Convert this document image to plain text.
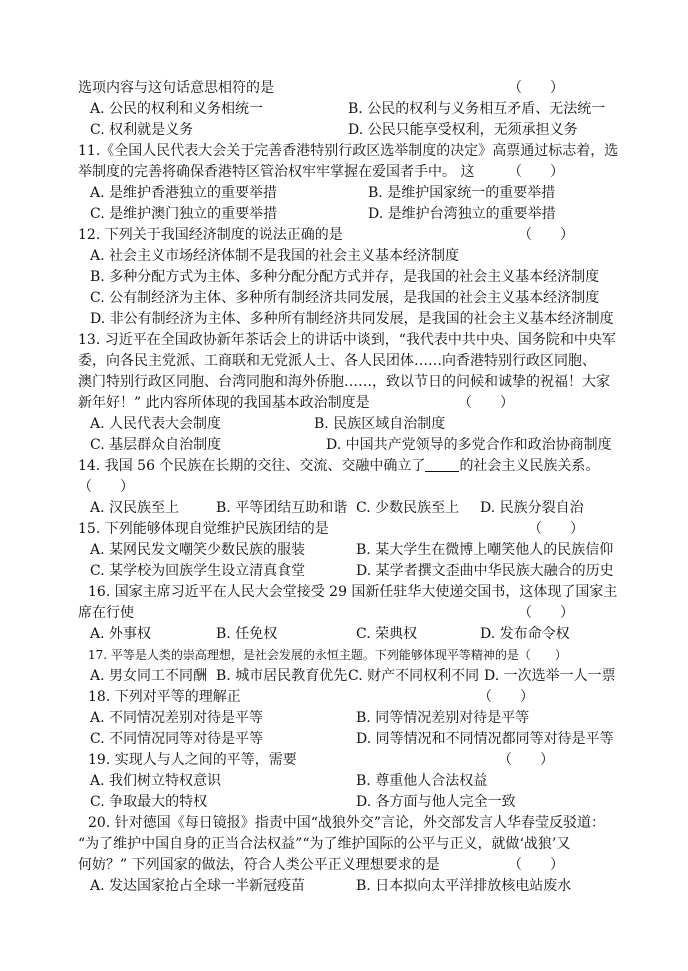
选项内容与这句话意思相符的是	（　　）

A. 公民的权利和义务相统一	B. 公民的权利与义务相互矛盾、无法统一

C. 权利就是义务	D. 公民只能享受权利，无须承担义务

11.《全国人民代表大会关于完善香港特别行政区选举制度的决定》高票通过标志着，选

举制度的完善将确保香港特区管治权牢牢掌握在爱国者手中。 这 （　　）

A. 是维护香港独立的重要举措	B. 是维护国家统一的重要举措

C. 是维护澳门独立的重要举措	D. 是维护台湾独立的重要举措

12. 下列关于我国经济制度的说法正确的是	（　　）

A. 社会主义市场经济体制不是我国的社会主义基本经济制度

B. 多种分配方式为主体、多种分配分配方式并存，是我国的社会主义基本经济制度

C. 公有制经济为主体、多种所有制经济共同发展，是我国的社会主义基本经济制度

D. 非公有制经济为主体、多种所有制经济共同发展，是我国的社会主义基本经济制度

13. 习近平在全国政协新年茶话会上的讲话中谈到，“我代表中共中央、国务院和中央军

委，向各民主党派、工商联和无党派人士、各人民团体……向香港特别行政区同胞、

澳门特别行政区同胞、台湾同胞和海外侨胞……，致以节日的问候和诚挚的祝福！大家

新年好！” 此内容所体现的我国基本政治制度是	（　　）

A. 人民代表大会制度	B. 民族区域自治制度

C. 基层群众自治制度	D. 中国共产党领导的多党合作和政治协商制度

14. 我国 56 个民族在长期的交往、交流、交融中确立了 的社会主义民族关系。

（　　）

A. 汉民族至上	B. 平等团结互助和谐 C. 少数民族至上 D. 民族分裂自治

15. 下列能够体现自觉维护民族团结的是	（　　）

A. 某网民发文嘲笑少数民族的服装	B. 某大学生在微博上嘲笑他人的民族信仰

C. 某学校为回族学生设立清真食堂	D. 某学者撰文歪曲中华民族大融合的历史

16. 国家主席习近平在人民大会堂接受 29 国新任驻华大使递交国书，这体现了国家主

席在行使	（　　）

A. 外事权	B. 任免权	C. 荣典权	D. 发布命令权

17. 平等是人类的崇高理想，是社会发展的永恒主题。下列能够体现平等精神的是（　　）

A. 男女同工不同酬 B. 城市居民教育优先 C. 财产不同权利不同 D. 一次选举一人一票

18. 下列对平等的理解正	（　　）

A. 不同情况差别对待是平等	B. 同等情况差别对待是平等

C. 不同情况同等对待是平等	D. 同等情况和不同情况都同等对待是平等

19. 实现人与人之间的平等，需要	（　　）

A. 我们树立特权意识	B. 尊重他人合法权益

C. 争取最大的特权	D. 各方面与他人完全一致

20. 针对德国《每日镜报》指责中国“战狼外交”言论，外交部发言人华春莹反驳道：

“为了维护中国自身的正当合法权益”“为了维护国际的公平与正义，就做‘战狼’又

何妨？” 下列国家的做法，符合人类公平正义理想要求的是	（　　）

A. 发达国家抢占全球一半新冠疫苗	B. 日本拟向太平洋排放核电站废水
